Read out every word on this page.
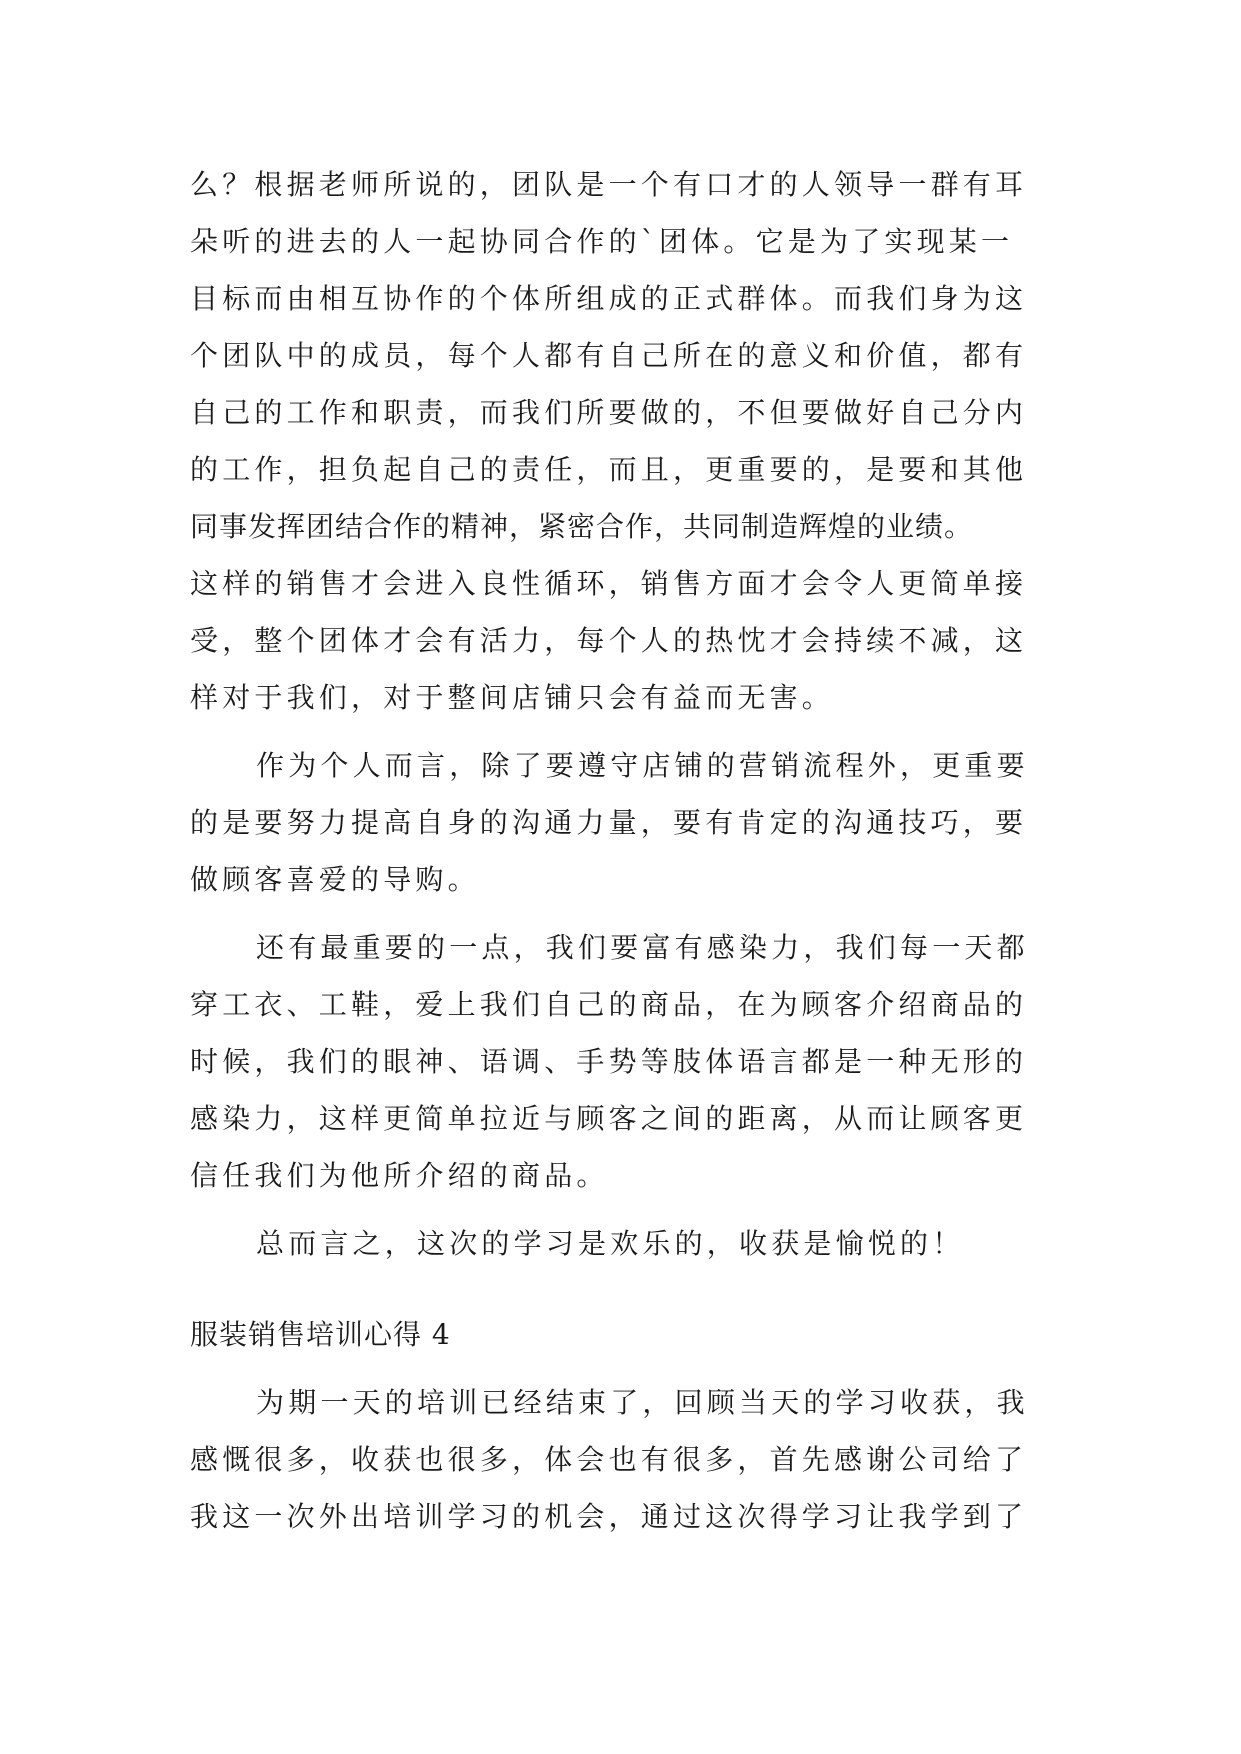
么？根据老师所说的，团队是一个有口才的人领导一群有耳
朵听的进去的人一起协同合作的`团体。它是为了实现某一
目标而由相互协作的个体所组成的正式群体。而我们身为这
个团队中的成员，每个人都有自己所在的意义和价值，都有
自己的工作和职责，而我们所要做的，不但要做好自己分内
的工作，担负起自己的责任，而且，更重要的，是要和其他
同事发挥团结合作的精神，紧密合作，共同制造辉煌的业绩。
这样的销售才会进入良性循环，销售方面才会令人更简单接
受，整个团体才会有活力，每个人的热忱才会持续不减，这
样对于我们，对于整间店铺只会有益而无害。
作为个人而言，除了要遵守店铺的营销流程外，更重要
的是要努力提高自身的沟通力量，要有肯定的沟通技巧，要
做顾客喜爱的导购。
还有最重要的一点，我们要富有感染力，我们每一天都
穿工衣、工鞋，爱上我们自己的商品，在为顾客介绍商品的
时候，我们的眼神、语调、手势等肢体语言都是一种无形的
感染力，这样更简单拉近与顾客之间的距离，从而让顾客更
信任我们为他所介绍的商品。
总而言之，这次的学习是欢乐的，收获是愉悦的！
服装销售培训心得 4
为期一天的培训已经结束了，回顾当天的学习收获，我
感慨很多，收获也很多，体会也有很多，首先感谢公司给了
我这一次外出培训学习的机会，通过这次得学习让我学到了
